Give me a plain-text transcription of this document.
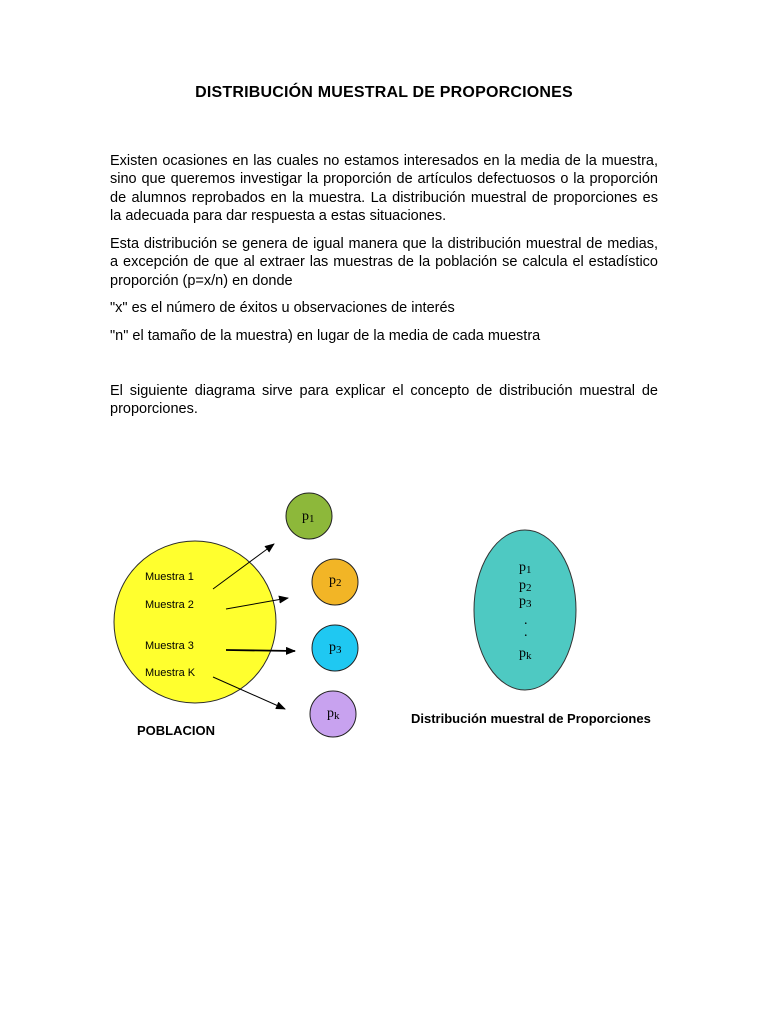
DISTRIBUCIÓN MUESTRAL DE PROPORCIONES
Existen ocasiones en las cuales no estamos interesados en la media de la muestra, sino que queremos investigar la proporción de artículos defectuosos o la proporción de alumnos reprobados en la muestra. La distribución muestral de proporciones es la adecuada para dar respuesta a estas situaciones.
Esta distribución se genera de igual manera que la distribución muestral de medias, a excepción de que al extraer las muestras de la población se calcula el estadístico proporción (p=x/n) en donde
"x" es el número de éxitos u observaciones de interés
"n" el tamaño de la muestra) en lugar de la media de cada muestra
El siguiente diagrama sirve para explicar el concepto de distribución muestral de proporciones.
Muestra 1
Muestra 2
Muestra 3
Muestra K
POBLACION
p1
p2
p3
pk
p1
p2
p3
.
.
pk
Distribución muestral de Proporciones
